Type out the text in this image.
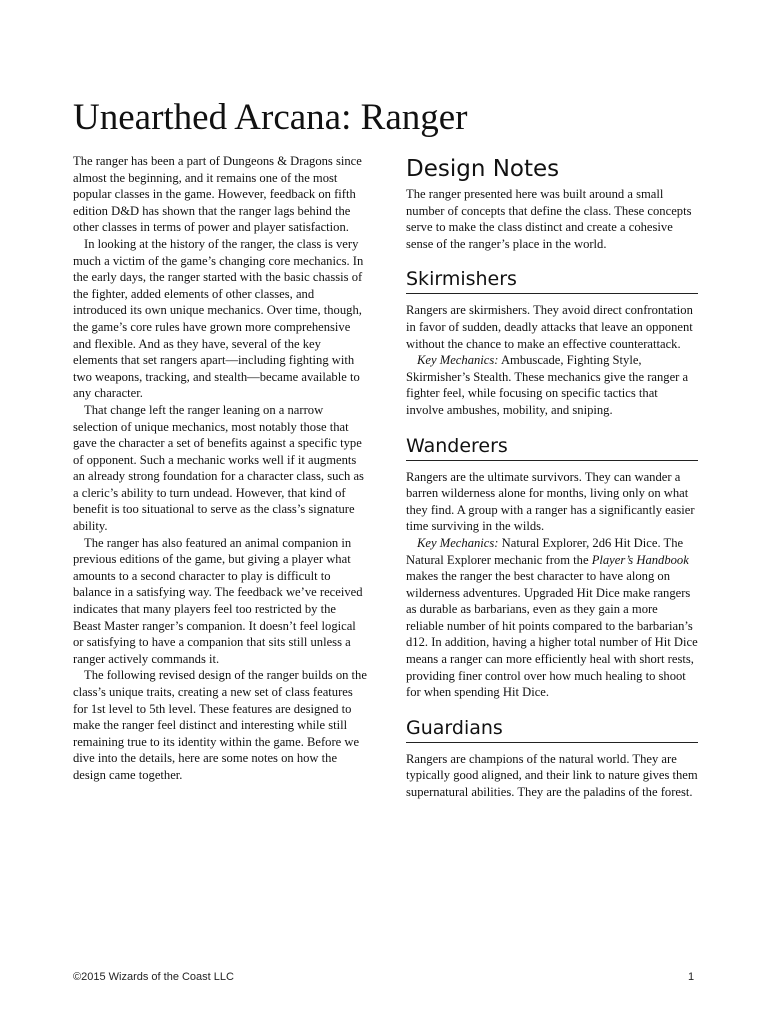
Unearthed Arcana: Ranger

The ranger has been a part of Dungeons & Dragons since almost the beginning, and it remains one of the most popular classes in the game. However, feedback on fifth edition D&D has shown that the ranger lags behind the other classes in terms of power and player satisfaction.

In looking at the history of the ranger, the class is very much a victim of the game’s changing core mechanics. In the early days, the ranger started with the basic chassis of the fighter, added elements of other classes, and introduced its own unique mechanics. Over time, though, the game’s core rules have grown more comprehensive and flexible. And as they have, several of the key elements that set rangers apart—including fighting with two weapons, tracking, and stealth—became available to any character.

That change left the ranger leaning on a narrow selection of unique mechanics, most notably those that gave the character a set of benefits against a specific type of opponent. Such a mechanic works well if it augments an already strong foundation for a character class, such as a cleric’s ability to turn undead. However, that kind of benefit is too situational to serve as the class’s signature ability.

The ranger has also featured an animal companion in previous editions of the game, but giving a player what amounts to a second character to play is difficult to balance in a satisfying way. The feedback we’ve received indicates that many players feel too restricted by the Beast Master ranger’s companion. It doesn’t feel logical or satisfying to have a companion that sits still unless a ranger actively commands it.

The following revised design of the ranger builds on the class’s unique traits, creating a new set of class features for 1st level to 5th level. These features are designed to make the ranger feel distinct and interesting while still remaining true to its identity within the game. Before we dive into the details, here are some notes on how the design came together.

Design Notes

The ranger presented here was built around a small number of concepts that define the class. These concepts serve to make the class distinct and create a cohesive sense of the ranger’s place in the world.

Skirmishers

Rangers are skirmishers. They avoid direct confrontation in favor of sudden, deadly attacks that leave an opponent without the chance to make an effective counterattack.

Key Mechanics: Ambuscade, Fighting Style, Skirmisher’s Stealth. These mechanics give the ranger a fighter feel, while focusing on specific tactics that involve ambushes, mobility, and sniping.

Wanderers

Rangers are the ultimate survivors. They can wander a barren wilderness alone for months, living only on what they find. A group with a ranger has a significantly easier time surviving in the wilds.

Key Mechanics: Natural Explorer, 2d6 Hit Dice. The Natural Explorer mechanic from the Player’s Handbook makes the ranger the best character to have along on wilderness adventures. Upgraded Hit Dice make rangers as durable as barbarians, even as they gain a more reliable number of hit points compared to the barbarian’s d12. In addition, having a higher total number of Hit Dice means a ranger can more efficiently heal with short rests, providing finer control over how much healing to shoot for when spending Hit Dice.

Guardians

Rangers are champions of the natural world. They are typically good aligned, and their link to nature gives them supernatural abilities. They are the paladins of the forest.

©2015 Wizards of the Coast LLC	1
